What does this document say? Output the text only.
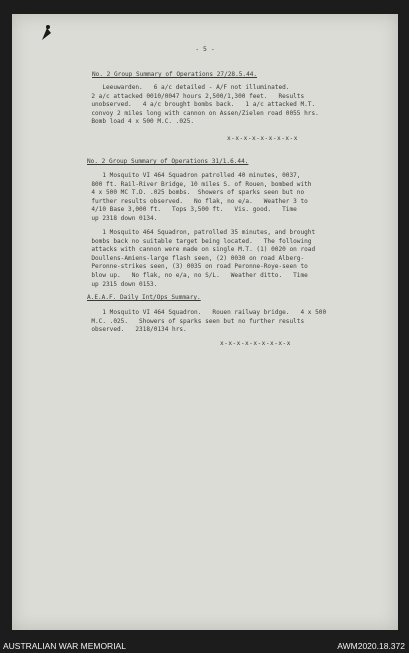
- 5 -
No. 2 Group Summary of Operations 27/28.5.44.
Leeuwarden.   6 a/c detailed - A/F not illuminated.
2 a/c attacked 0010/0047 hours 2,500/1,300 feet.   Results
unobserved.   4 a/c brought bombs back.   1 a/c attacked M.T.
convoy 2 miles long with cannon on Assen/Zielen road 0055 hrs.
Bomb load 4 x 500 M.C. .025.
x-x-x-x-x-x-x-x-x
No. 2 Group Summary of Operations 31/1.6.44.
1 Mosquito VI 464 Squadron patrolled 40 minutes, 0037,
800 ft. Rail-River Bridge, 10 miles S. of Rouen, bombed with
4 x 500 MC T.D. .025 bombs.  Showers of sparks seen but no
further results observed.   No flak, no e/a.   Weather 3 to
4/10 Base 3,000 ft.   Tops 3,500 ft.   Vis. good.   Time
up 2318 down 0134.
1 Mosquito 464 Squadron, patrolled 35 minutes, and brought
bombs back no suitable target being located.   The following
attacks with cannon were made on single M.T. (1) 0020 on road
Doullens-Amiens-large flash seen, (2) 0030 on road Alberg-
Peronne-strikes seen, (3) 0035 on road Peronne-Roye-seen to
blow up.   No flak, no e/a, no S/L.   Weather ditto.   Time
up 2315 down 0153.
A.E.A.F. Daily Int/Ops Summary.
1 Mosquito VI 464 Squadron.   Rouen railway bridge.   4 x 500
M.C. .025.   Showers of sparks seen but no further results
observed.   2318/0134 hrs.
x-x-x-x-x-x-x-x-x
AUSTRALIAN WAR MEMORIAL	AWM2020.18.372
